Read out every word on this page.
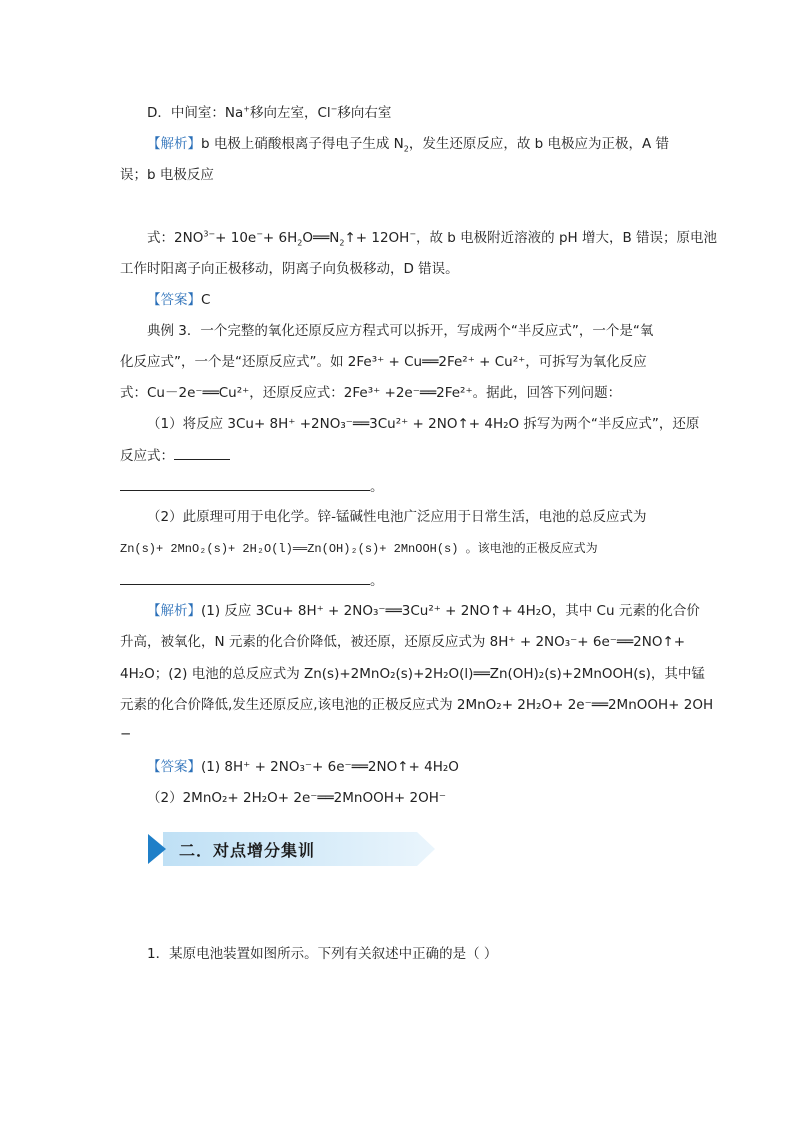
D．中间室：Na+移向左室，Cl−移向右室
【解析】b 电极上硝酸根离子得电子生成 $N_2$，发生还原反应，故 b 电极应为正极，A 错
误；b 电极反应
式：$2NO^{3-}+ 10e^-+$ $6H_2O══N_2↑+ 12OH^-$，故 b 电极附近溶液的 pH 增大，B 错误；原电池
工作时阳离子向正极移动，阴离子向负极移动，D 错误。
【答案】C
典例 3．一个完整的氧化还原反应方程式可以拆开，写成两个“半反应式”，一个是“氧
化反应式”，一个是“还原反应式”。如 2Fe³⁺ + Cu══2Fe²⁺ + Cu²⁺，可拆写为氧化反应
式：Cu－2e⁻══Cu²⁺，还原反应式：2Fe³⁺ +2e⁻══2Fe²⁺。据此，回答下列问题：
（1）将反应 3Cu+ 8H⁺ +2NO₃⁻══3Cu²⁺ + 2NO↑+ 4H₂O 拆写为两个“半反应式”，还原
反应式：
。
（2）此原理可用于电化学。锌-锰碱性电池广泛应用于日常生活，电池的总反应式为
Zn(s)+ 2MnO₂(s)+ 2H₂O(l)══Zn(OH)₂(s)+ 2MnOOH(s) 。该电池的正极反应式为
。
【解析】(1) 反应 3Cu+ 8H⁺ + 2NO₃⁻══3Cu²⁺ + 2NO↑+ 4H₂O，其中 Cu 元素的化合价
升高，被氧化，N 元素的化合价降低，被还原，还原反应式为 8H⁺ + 2NO₃⁻+ 6e⁻══2NO↑+
4H₂O；(2) 电池的总反应式为 Zn(s)+2MnO₂(s)+2H₂O(l)══Zn(OH)₂(s)+2MnOOH(s)，其中锰
元素的化合价降低,发生还原反应,该电池的正极反应式为 2MnO₂+ 2H₂O+ 2e⁻══2MnOOH+ 2OH
−
【答案】(1) 8H⁺ + 2NO₃⁻+ 6e⁻══2NO↑+ 4H₂O
（2）2MnO₂+ 2H₂O+ 2e⁻══2MnOOH+ 2OH⁻
二．对点增分集训
1．某原电池装置如图所示。下列有关叙述中正确的是（ ）
